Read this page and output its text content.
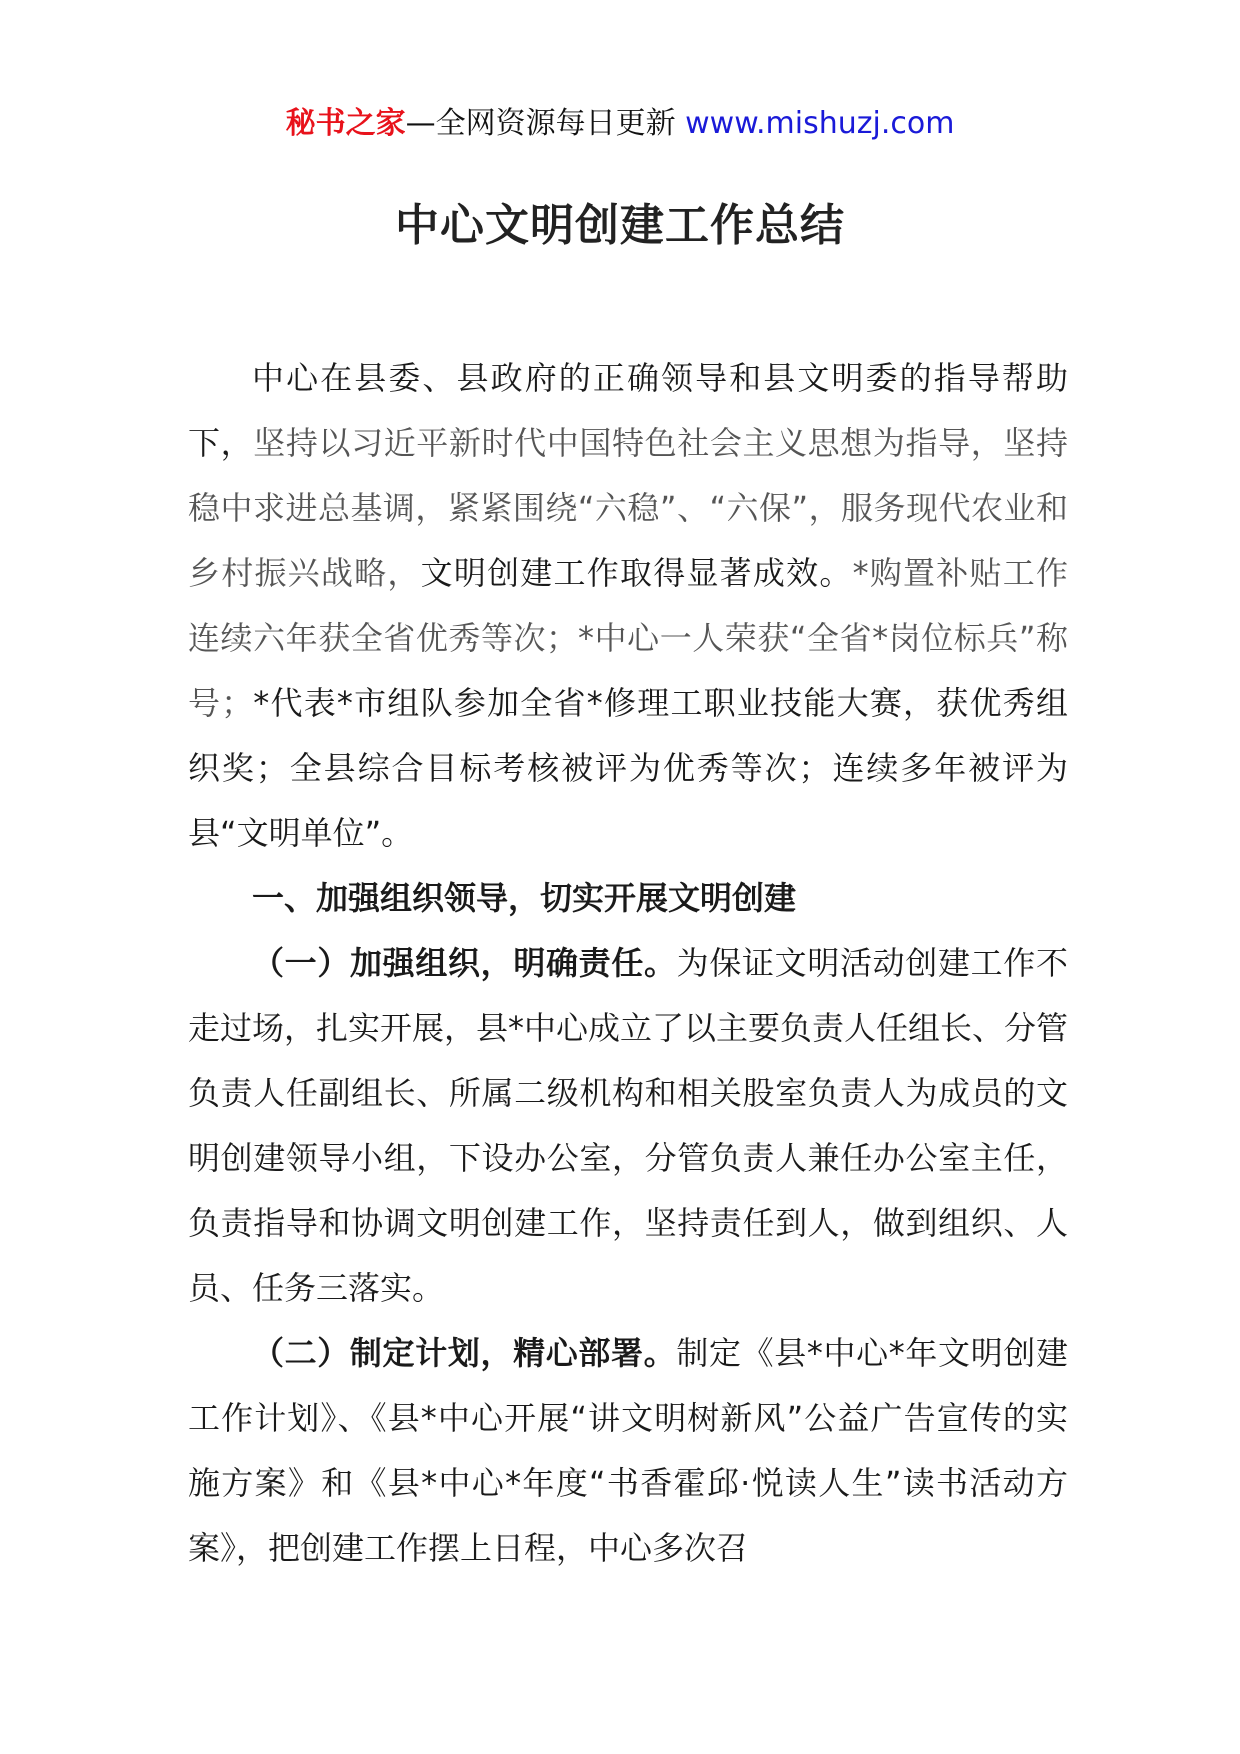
秘书之家—全网资源每日更新 www.mishuzj.com
中心文明创建工作总结

中心在县委、县政府的正确领导和县文明委的指导帮助下，坚持以习近平新时代中国特色社会主义思想为指导，坚持稳中求进总基调，紧紧围绕“六稳”、“六保”，服务现代农业和乡村振兴战略，文明创建工作取得显著成效。*购置补贴工作连续六年获全省优秀等次；*中心一人荣获“全省*岗位标兵”称号；*代表*市组队参加全省*修理工职业技能大赛，获优秀组织奖；全县综合目标考核被评为优秀等次；连续多年被评为县“文明单位”。

一、加强组织领导，切实开展文明创建

（一）加强组织，明确责任。为保证文明活动创建工作不走过场，扎实开展，县*中心成立了以主要负责人任组长、分管负责人任副组长、所属二级机构和相关股室负责人为成员的文明创建领导小组，下设办公室，分管负责人兼任办公室主任，负责指导和协调文明创建工作，坚持责任到人，做到组织、人员、任务三落实。

（二）制定计划，精心部署。制定《县*中心*年文明创建工作计划》、《县*中心开展“讲文明树新风”公益广告宣传的实施方案》和《县*中心*年度“书香霍邱·悦读人生”读书活动方案》，把创建工作摆上日程，中心多次召
